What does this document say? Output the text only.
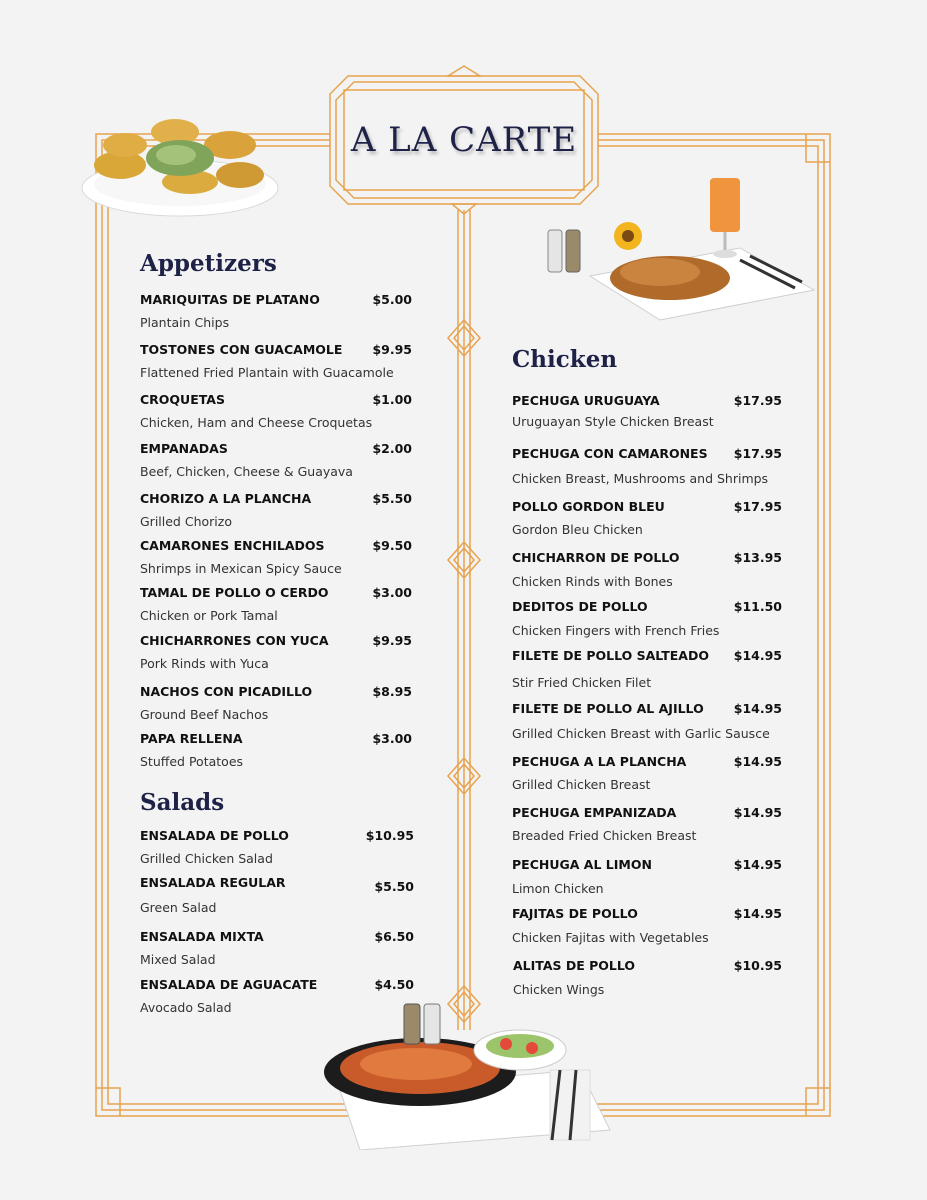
A LA CARTE
Appetizers
Salads
Chicken
MARIQUITAS DE PLATANO	$5.00
Plantain Chips
TOSTONES CON GUACAMOLE $9.95
Flattened Fried Plantain with Guacamole
CROQUETAS	$1.00
Chicken, Ham and Cheese Croquetas
EMPANADAS	$2.00
Beef, Chicken, Cheese & Guayava
CHORIZO A LA PLANCHA	$5.50
Grilled Chorizo
CAMARONES ENCHILADOS	$9.50
Shrimps in Mexican Spicy Sauce
TAMAL DE POLLO O CERDO	$3.00
Chicken or Pork Tamal
CHICHARRONES CON YUCA	$9.95
Pork Rinds with Yuca
NACHOS CON PICADILLO	$8.95
Ground Beef Nachos
PAPA RELLENA	$3.00
Stuffed Potatoes
ENSALADA DE POLLO	$10.95
Grilled Chicken Salad
ENSALADA REGULAR	$5.50
Green Salad
ENSALADA MIXTA	$6.50
Mixed Salad
ENSALADA DE AGUACATE	$4.50
Avocado Salad
PECHUGA URUGUAYA	$17.95
Uruguayan Style Chicken Breast
PECHUGA CON CAMARONES $17.95
Chicken Breast, Mushrooms and Shrimps
POLLO GORDON BLEU	$17.95
Gordon Bleu Chicken
CHICHARRON DE POLLO	$13.95
Chicken Rinds with Bones
DEDITOS DE POLLO	$11.50
Chicken Fingers with French Fries
FILETE DE POLLO SALTEADO $14.95
Stir Fried Chicken Filet
FILETE DE POLLO AL AJILLO $14.95
Grilled Chicken Breast with Garlic Sausce
PECHUGA A LA PLANCHA	$14.95
Grilled Chicken Breast
PECHUGA EMPANIZADA	$14.95
Breaded Fried Chicken Breast
PECHUGA AL LIMON	$14.95
Limon Chicken
FAJITAS DE POLLO	$14.95
Chicken Fajitas with Vegetables
ALITAS DE POLLO	$10.95
Chicken Wings
